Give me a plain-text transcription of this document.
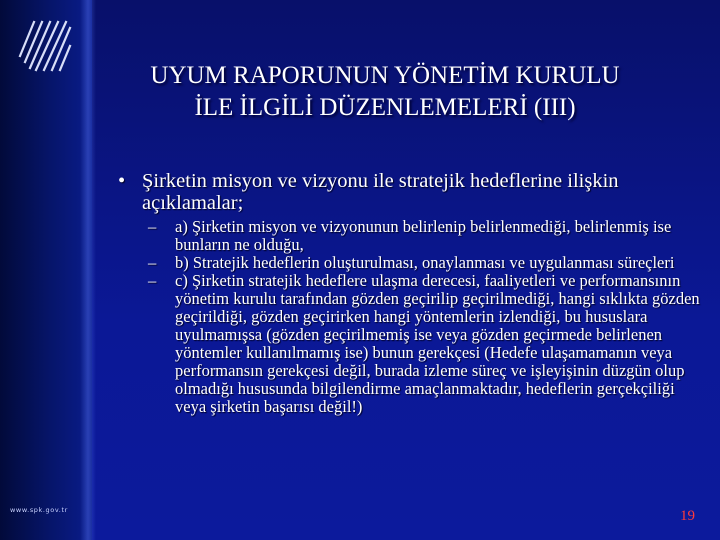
UYUM RAPORUNUN YÖNETİM KURULU
İLE İLGİLİ DÜZENLEMELERİ (III)
• Şirketin misyon ve vizyonu ile stratejik hedeflerine ilişkin açıklamalar;
–	a) Şirketin misyon ve vizyonunun belirlenip belirlenmediği, belirlenmiş ise bunların ne olduğu,
–	b) Stratejik hedeflerin oluşturulması, onaylanması ve uygulanması süreçleri
–	c) Şirketin stratejik hedeflere ulaşma derecesi, faaliyetleri ve performansının yönetim kurulu tarafından gözden geçirilip geçirilmediği, hangi sıklıkta gözden geçirildiği, gözden geçirirken hangi yöntemlerin izlendiği, bu hususlara uyulmamışsa (gözden geçirilmemiş ise veya gözden geçirmede belirlenen yöntemler kullanılmamış ise) bunun gerekçesi (Hedefe ulaşamamanın veya performansın gerekçesi değil, burada izleme süreç ve işleyişinin düzgün olup olmadığı hususunda bilgilendirme amaçlanmaktadır, hedeflerin gerçekçiliği veya şirketin başarısı değil!)
www.spk.gov.tr	19
